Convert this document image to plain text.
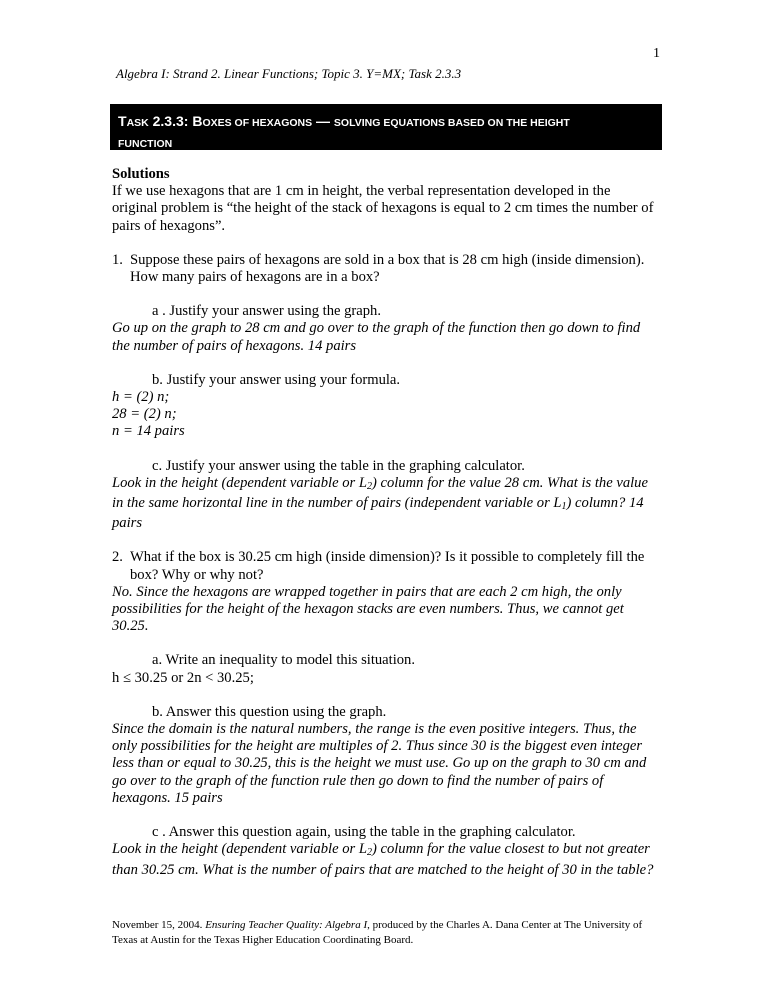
1
Algebra I: Strand 2. Linear Functions; Topic 3. Y=MX; Task 2.3.3
TASK 2.3.3: BOXES OF HEXAGONS — SOLVING EQUATIONS BASED ON THE HEIGHT
FUNCTION

Solutions

If we use hexagons that are 1 cm in height, the verbal representation developed in the original problem is “the height of the stack of hexagons is equal to 2 cm times the number of pairs of hexagons”.

1. Suppose these pairs of hexagons are sold in a box that is 28 cm high (inside dimension). How many pairs of hexagons are in a box?

a . Justify your answer using the graph.

Go up on the graph to 28 cm and go over to the graph of the function then go down to find the number of pairs of hexagons. 14 pairs

b. Justify your answer using your formula.

h = (2) n;

28 = (2) n;

n = 14 pairs

c. Justify your answer using the table in the graphing calculator.

Look in the height (dependent variable or $L_2$) column for the value 28 cm. What is the value in the same horizontal line in the number of pairs (independent variable or $L_1$) column? 14 pairs

2. What if the box is 30.25 cm high (inside dimension)? Is it possible to completely fill the box? Why or why not?

No. Since the hexagons are wrapped together in pairs that are each 2 cm high, the only possibilities for the height of the hexagon stacks are even numbers. Thus, we cannot get 30.25.

a. Write an inequality to model this situation.

h ≤ 30.25 or 2n < 30.25;

b. Answer this question using the graph.

Since the domain is the natural numbers, the range is the even positive integers. Thus, the only possibilities for the height are multiples of 2. Thus since 30 is the biggest even integer less than or equal to 30.25, this is the height we must use. Go up on the graph to 30 cm and go over to the graph of the function rule then go down to find the number of pairs of hexagons. 15 pairs

c . Answer this question again, using the table in the graphing calculator.

Look in the height (dependent variable or $L_2$) column for the value closest to but not greater than 30.25 cm. What is the number of pairs that are matched to the height of 30 in the table?

November 15, 2004. Ensuring Teacher Quality: Algebra I, produced by the Charles A. Dana Center at The University of Texas at Austin for the Texas Higher Education Coordinating Board.
